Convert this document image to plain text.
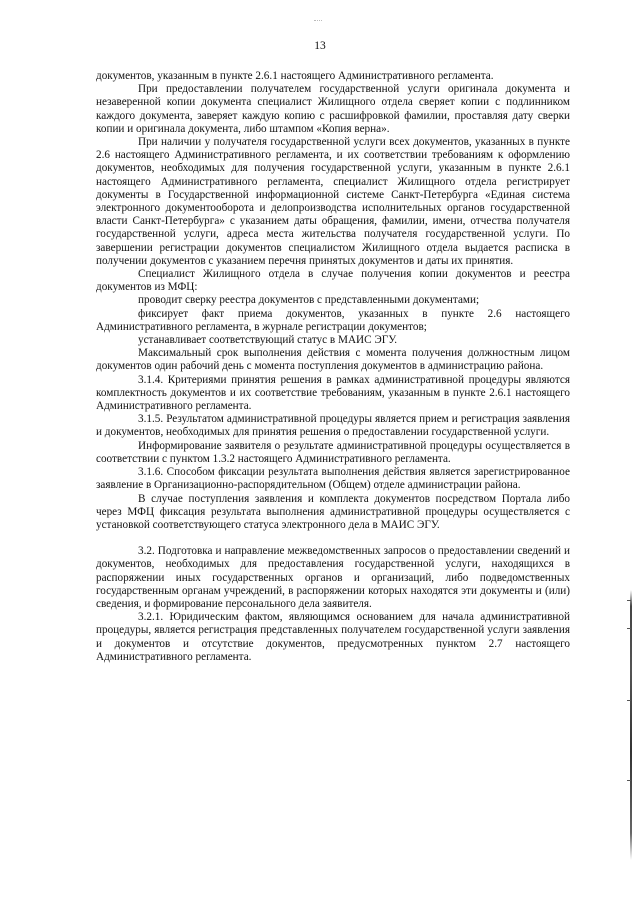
13

документов, указанным в пункте 2.6.1 настоящего Административного регламента.

При предоставлении получателем государственной услуги оригинала документа и незаверенной копии документа специалист Жилищного отдела сверяет копии с подлинником каждого документа, заверяет каждую копию с расшифровкой фамилии, проставляя дату сверки копии и оригинала документа, либо штампом «Копия верна».

При наличии у получателя государственной услуги всех документов, указанных в пункте 2.6 настоящего Административного регламента, и их соответствии требованиям к оформлению документов, необходимых для получения государственной услуги, указанным в пункте 2.6.1 настоящего Административного регламента, специалист Жилищного отдела регистрирует документы в Государственной информационной системе Санкт-Петербурга «Единая система электронного документооборота и делопроизводства исполнительных органов государственной власти Санкт-Петербурга» с указанием даты обращения, фамилии, имени, отчества получателя государственной услуги, адреса места жительства получателя государственной услуги. По завершении регистрации документов специалистом Жилищного отдела выдается расписка в получении документов с указанием перечня принятых документов и даты их принятия.

Специалист Жилищного отдела в случае получения копии документов и реестра документов из МФЦ:

проводит сверку реестра документов с представленными документами;

фиксирует факт приема документов, указанных в пункте 2.6 настоящего Административного регламента, в журнале регистрации документов;

устанавливает соответствующий статус в МАИС ЭГУ.

Максимальный срок выполнения действия с момента получения должностным лицом документов один рабочий день с момента поступления документов в администрацию района.

3.1.4. Критериями принятия решения в рамках административной процедуры являются комплектность документов и их соответствие требованиям, указанным в пункте 2.6.1 настоящего Административного регламента.

3.1.5. Результатом административной процедуры является прием и регистрация заявления и документов, необходимых для принятия решения о предоставлении государственной услуги.

Информирование заявителя о результате административной процедуры осуществляется в соответствии с пунктом 1.3.2 настоящего Административного регламента.

3.1.6. Способом фиксации результата выполнения действия является зарегистрированное заявление в Организационно-распорядительном (Общем) отделе администрации района.

В случае поступления заявления и комплекта документов посредством Портала либо через МФЦ фиксация результата выполнения административной процедуры осуществляется с установкой соответствующего статуса электронного дела в МАИС ЭГУ.

3.2. Подготовка и направление межведомственных запросов о предоставлении сведений и документов, необходимых для предоставления государственной услуги, находящихся в распоряжении иных государственных органов и организаций, либо подведомственных государственным органам учреждений, в распоряжении которых находятся эти документы и (или) сведения, и формирование персонального дела заявителя.

3.2.1. Юридическим фактом, являющимся основанием для начала административной процедуры, является регистрация представленных получателем государственной услуги заявления и документов и отсутствие документов, предусмотренных пунктом 2.7 настоящего Административного регламента.
